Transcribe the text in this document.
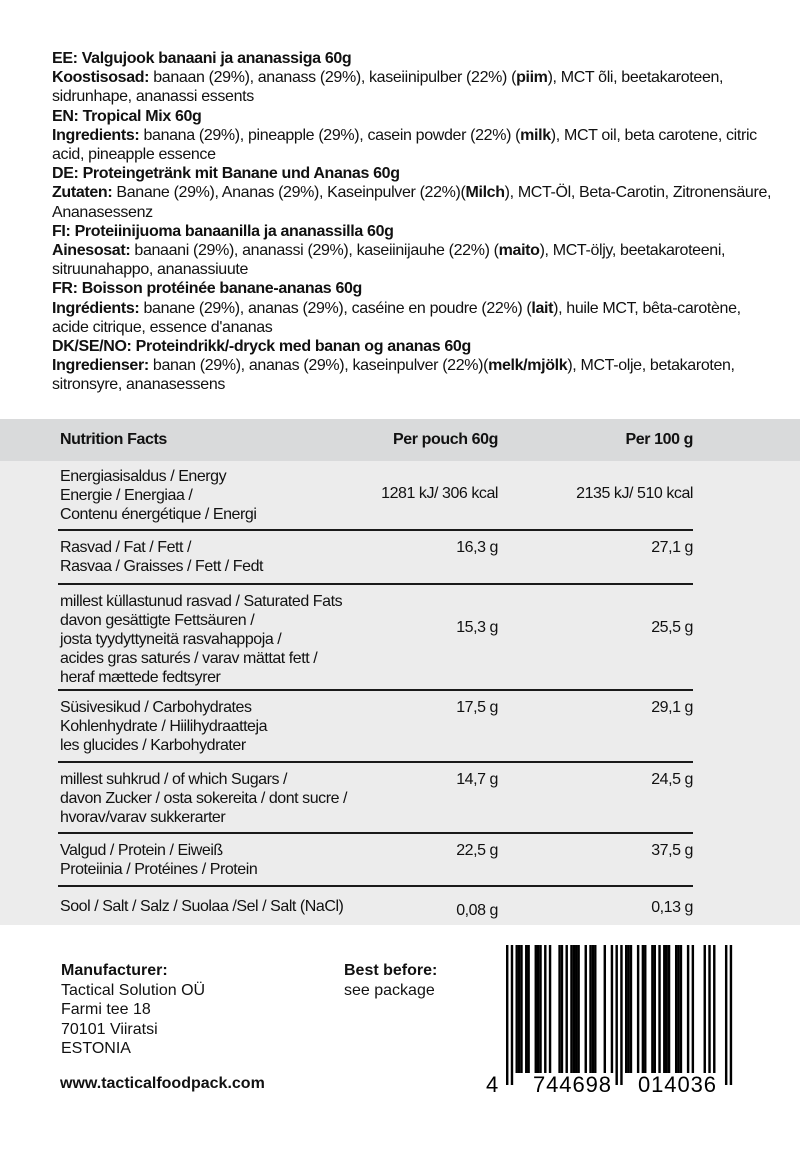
EE: Valgujook banaani ja ananassiga 60g
Koostisosad: banaan (29%), ananass (29%), kaseiinipulber (22%) (piim), MCT õli, beetakaroteen, sidrunhape, ananassi essents
EN: Tropical Mix 60g
Ingredients: banana (29%), pineapple (29%), casein powder (22%) (milk), MCT oil, beta carotene, citric acid, pineapple essence
DE: Proteingetränk mit Banane und Ananas 60g
Zutaten: Banane (29%), Ananas (29%), Kaseinpulver (22%)(Milch), MCT-Öl, Beta-Carotin, Zitronensäure, Ananasessenz
FI: Proteiinijuoma banaanilla ja ananassilla 60g
Ainesosat: banaani (29%), ananassi (29%), kaseiinijauhe (22%) (maito), MCT-öljy, beetakaroteeni, sitruunahappo, ananassiuute
FR: Boisson protéinée banane-ananas 60g
Ingrédients: banane (29%), ananas (29%), caséine en poudre (22%) (lait), huile MCT, bêta-carotène, acide citrique, essence d'ananas
DK/SE/NO: Proteindrikk/-dryck med banan og ananas 60g
Ingredienser: banan (29%), ananas (29%), kaseinpulver (22%)(melk/mjölk), MCT-olje, betakaroten, sitronsyre, ananasessens
Nutrition Facts	Per pouch 60g	Per 100 g
Energiasisaldus / Energy
Energie / Energiaa /
Contenu énergétique / Energi
1281 kJ/ 306 kcal	2135 kJ/ 510 kcal
Rasvad / Fat / Fett /
Rasvaa / Graisses / Fett / Fedt
16,3 g	27,1 g
millest küllastunud rasvad / Saturated Fats
davon gesättigte Fettsäuren /
josta tyydyttyneitä rasvahappoja /
acides gras saturés / varav mättat fett /
heraf mættede fedtsyrer
15,3 g	25,5 g
Süsivesikud / Carbohydrates
Kohlenhydrate / Hiilihydraatteja
les glucides / Karbohydrater
17,5 g	29,1 g
millest suhkrud / of which Sugars /
davon Zucker / osta sokereita / dont sucre /
hvorav/varav sukkerarter
14,7 g	24,5 g
Valgud / Protein / Eiweiß
Proteiinia / Protéines / Protein
22,5 g	37,5 g
Sool / Salt / Salz / Suolaa /Sel / Salt (NaCl)	0,08 g	0,13 g
Manufacturer:
Tactical Solution OÜ
Farmi tee 18
70101 Viiratsi
ESTONIA
Best before:
see package
www.tacticalfoodpack.com	4 744698 014036
